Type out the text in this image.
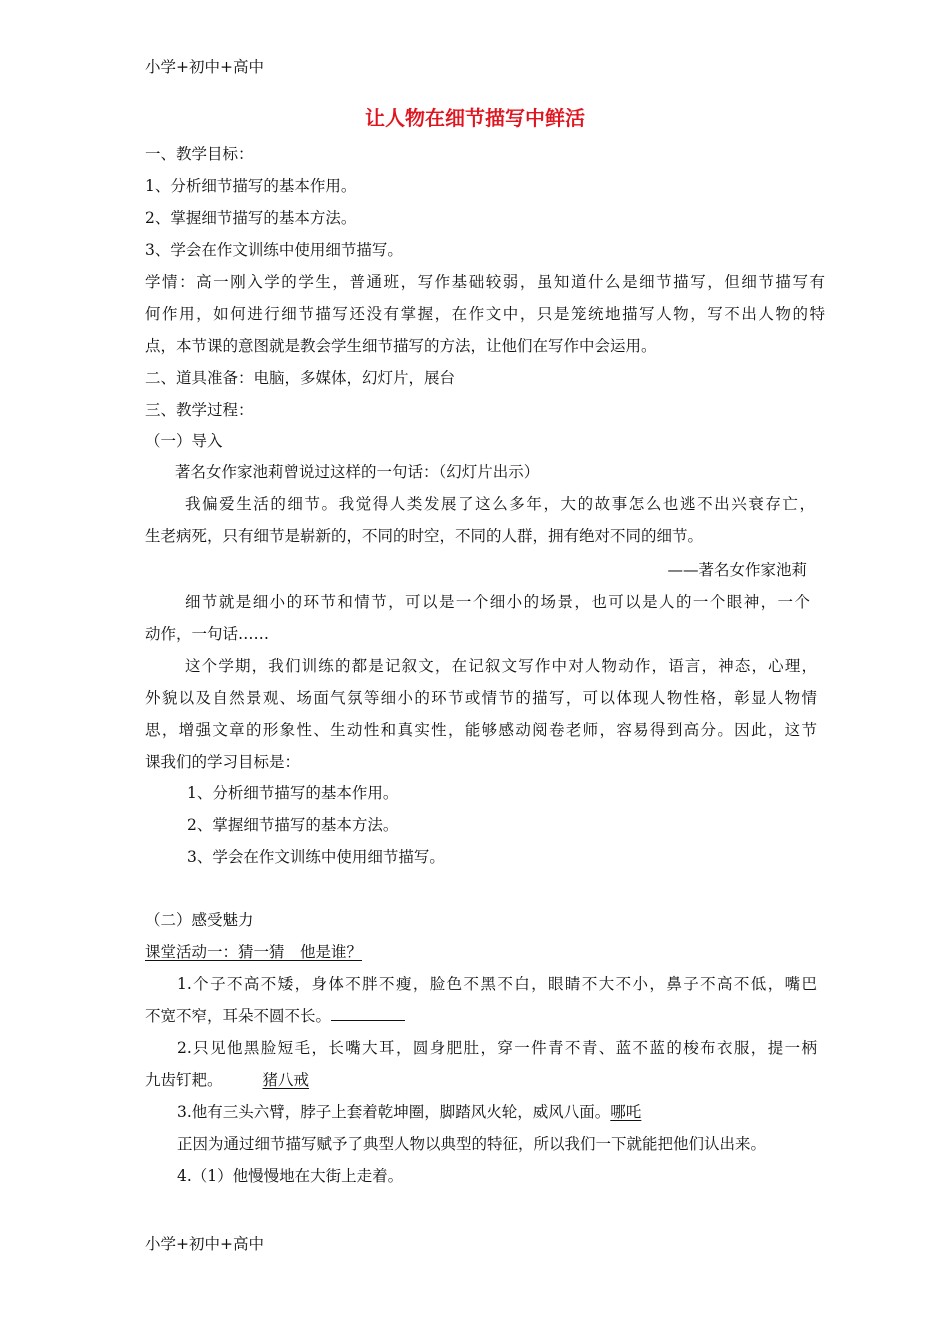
小学+初中+高中
让人物在细节描写中鲜活
一、教学目标：
1、分析细节描写的基本作用。
2、掌握细节描写的基本方法。
3、学会在作文训练中使用细节描写。
学情：高一刚入学的学生，普通班，写作基础较弱，虽知道什么是细节描写，但细节描写有
何作用，如何进行细节描写还没有掌握，在作文中，只是笼统地描写人物，写不出人物的特
点，本节课的意图就是教会学生细节描写的方法，让他们在写作中会运用。
二、道具准备：电脑，多媒体，幻灯片，展台
三、教学过程：
（一）导入
著名女作家池莉曾说过这样的一句话：（幻灯片出示）
我偏爱生活的细节。我觉得人类发展了这么多年，大的故事怎么也逃不出兴衰存亡，
生老病死，只有细节是崭新的，不同的时空，不同的人群，拥有绝对不同的细节。
——著名女作家池莉
细节就是细小的环节和情节，可以是一个细小的场景，也可以是人的一个眼神，一个
动作，一句话……
这个学期，我们训练的都是记叙文，在记叙文写作中对人物动作，语言，神态，心理，
外貌以及自然景观、场面气氛等细小的环节或情节的描写，可以体现人物性格，彰显人物情
思，增强文章的形象性、生动性和真实性，能够感动阅卷老师，容易得到高分。因此，这节
课我们的学习目标是：
1、分析细节描写的基本作用。
2、掌握细节描写的基本方法。
3、学会在作文训练中使用细节描写。
（二）感受魅力
课堂活动一：猜一猜　他是谁？
1.个子不高不矮，身体不胖不瘦，脸色不黑不白，眼睛不大不小，鼻子不高不低，嘴巴
不宽不窄，耳朵不圆不长。
2.只见他黑脸短毛，长嘴大耳，圆身肥肚，穿一件青不青、蓝不蓝的梭布衣服，提一柄
九齿钉耙。	猪八戒
3.他有三头六臂，脖子上套着乾坤圈，脚踏风火轮，威风八面。哪吒
正因为通过细节描写赋予了典型人物以典型的特征，所以我们一下就能把他们认出来。
4.（1）他慢慢地在大街上走着。
小学+初中+高中
